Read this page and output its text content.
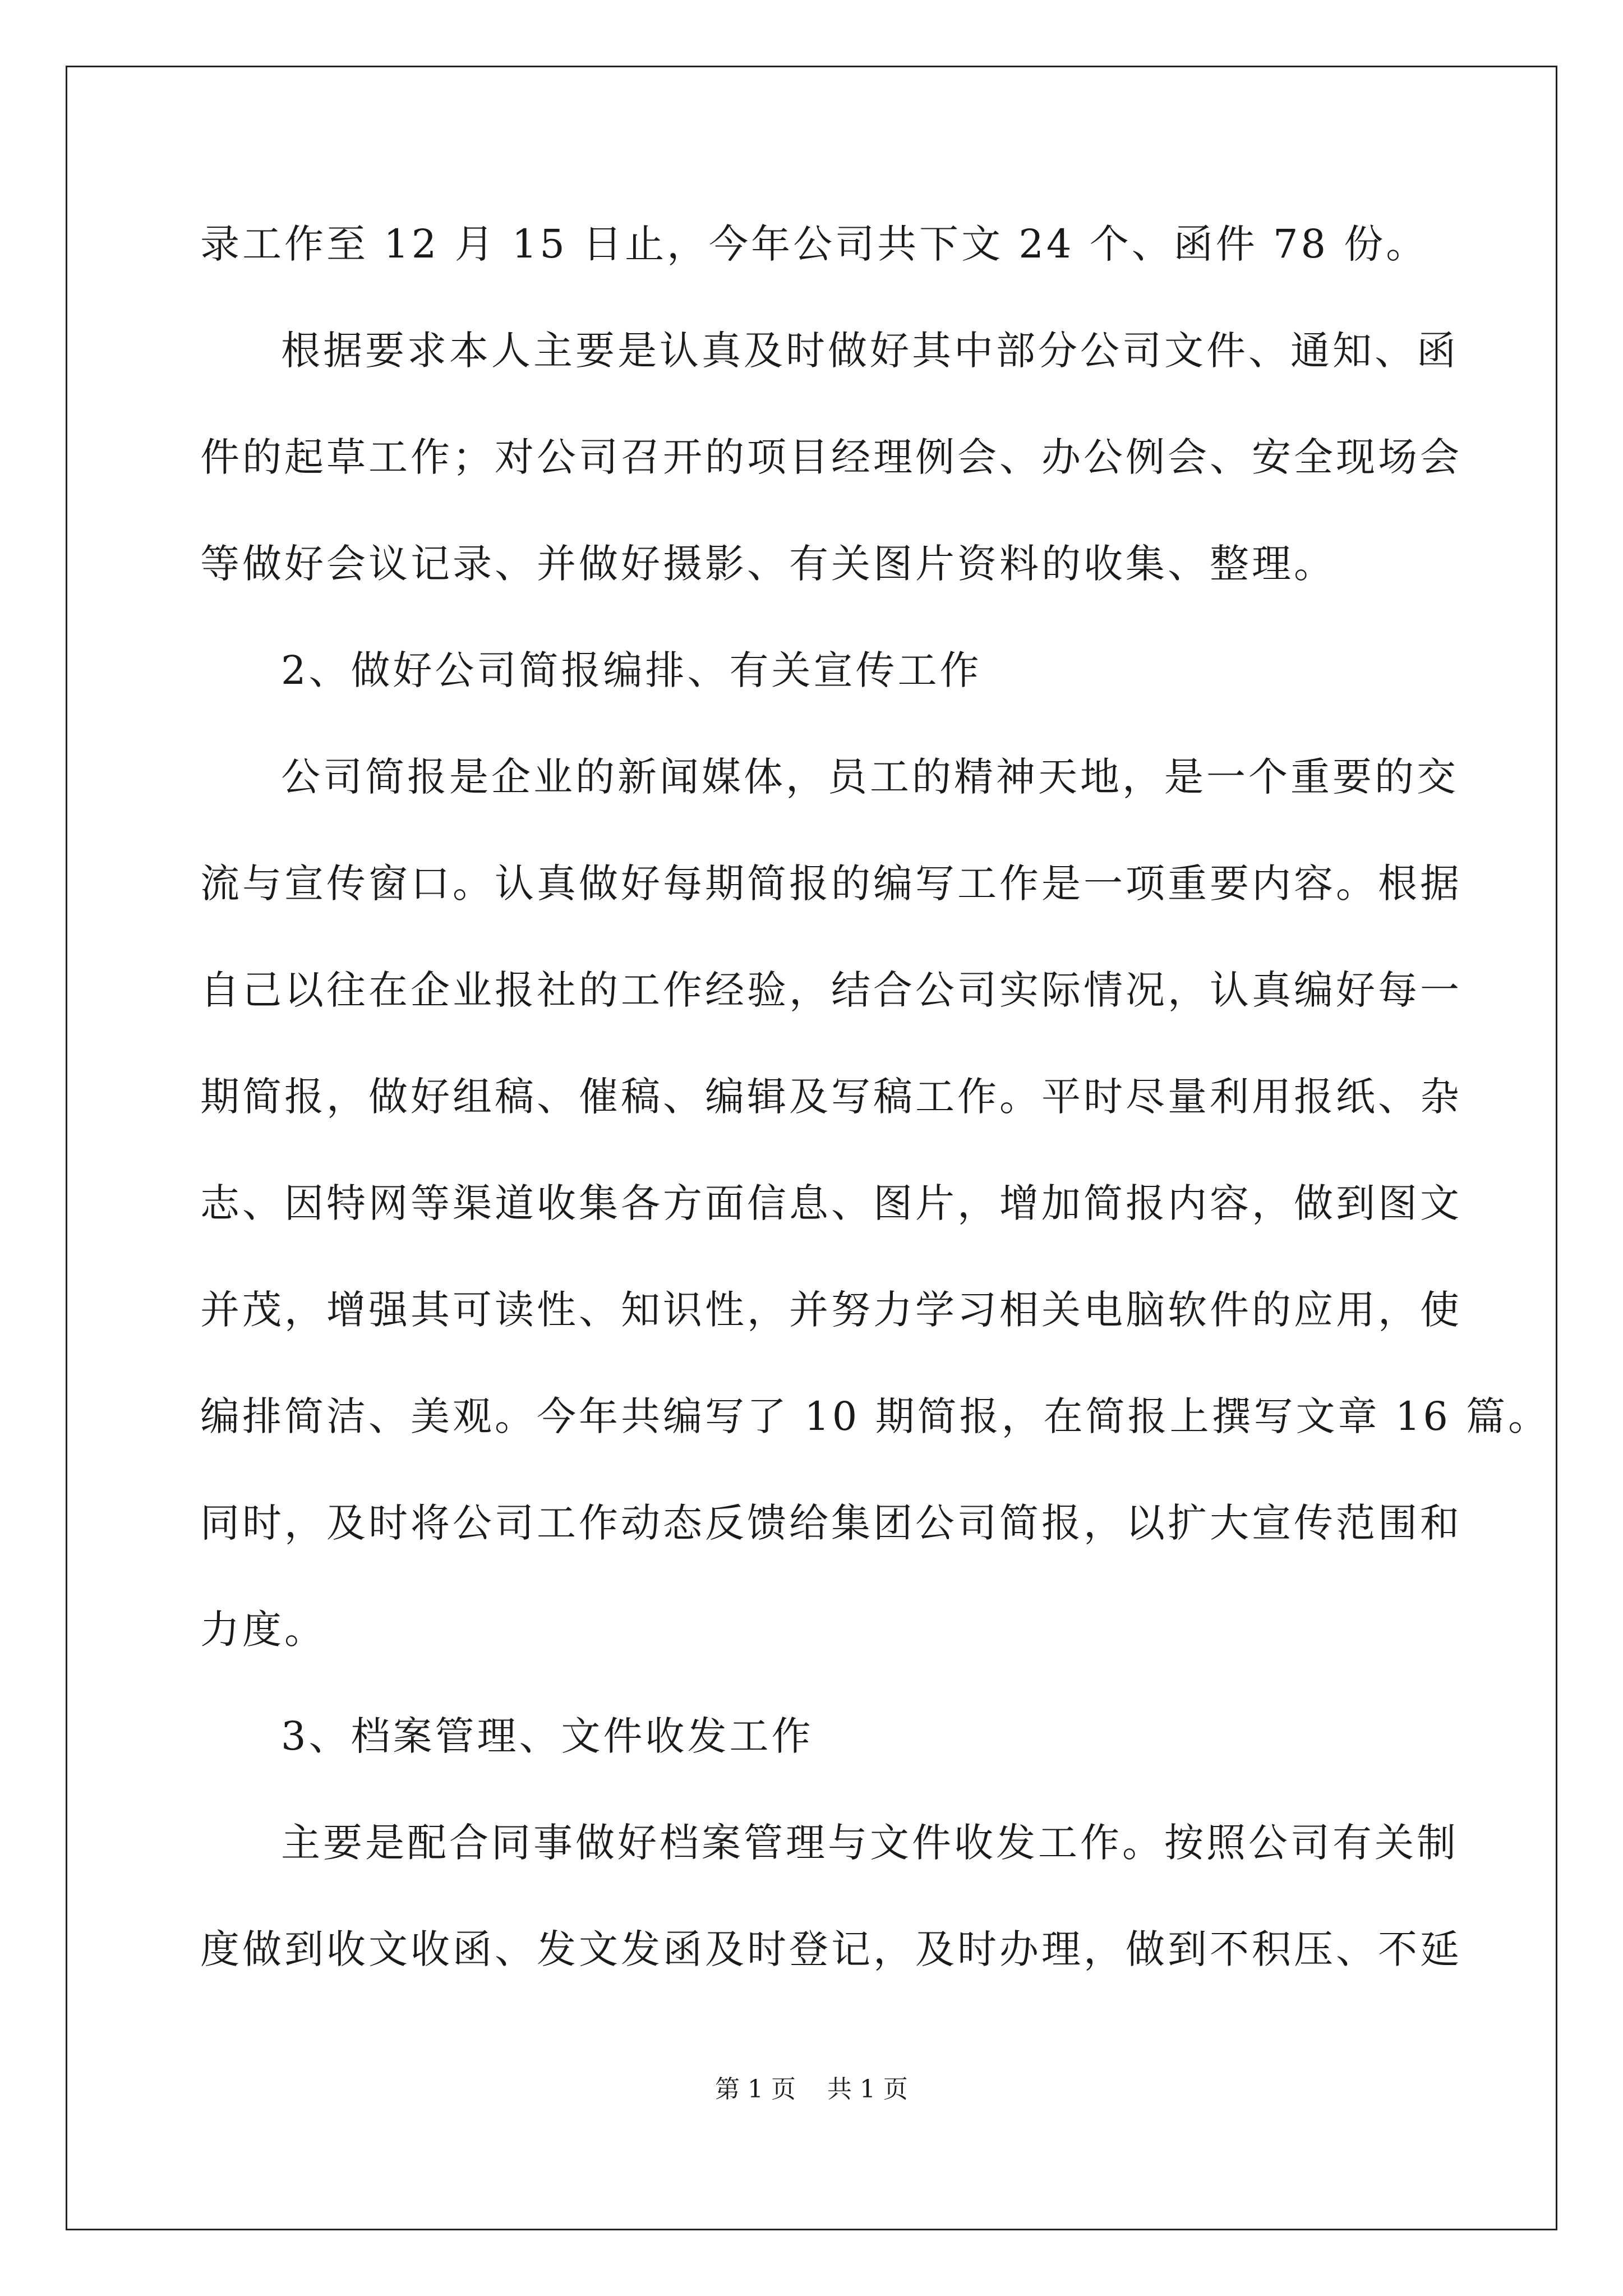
录工作至 12 月 15 日止，今年公司共下文 24 个、函件 78 份。
根据要求本人主要是认真及时做好其中部分公司文件、通知、函
件的起草工作；对公司召开的项目经理例会、办公例会、安全现场会
等做好会议记录、并做好摄影、有关图片资料的收集、整理。
2、做好公司简报编排、有关宣传工作
公司简报是企业的新闻媒体，员工的精神天地，是一个重要的交
流与宣传窗口。认真做好每期简报的编写工作是一项重要内容。根据
自己以往在企业报社的工作经验，结合公司实际情况，认真编好每一
期简报，做好组稿、催稿、编辑及写稿工作。平时尽量利用报纸、杂
志、因特网等渠道收集各方面信息、图片，增加简报内容，做到图文
并茂，增强其可读性、知识性，并努力学习相关电脑软件的应用，使
编排简洁、美观。今年共编写了 10 期简报，在简报上撰写文章 16 篇。
同时，及时将公司工作动态反馈给集团公司简报，以扩大宣传范围和
力度。
3、档案管理、文件收发工作
主要是配合同事做好档案管理与文件收发工作。按照公司有关制
度做到收文收函、发文发函及时登记，及时办理，做到不积压、不延
第 1 页    共 1 页
